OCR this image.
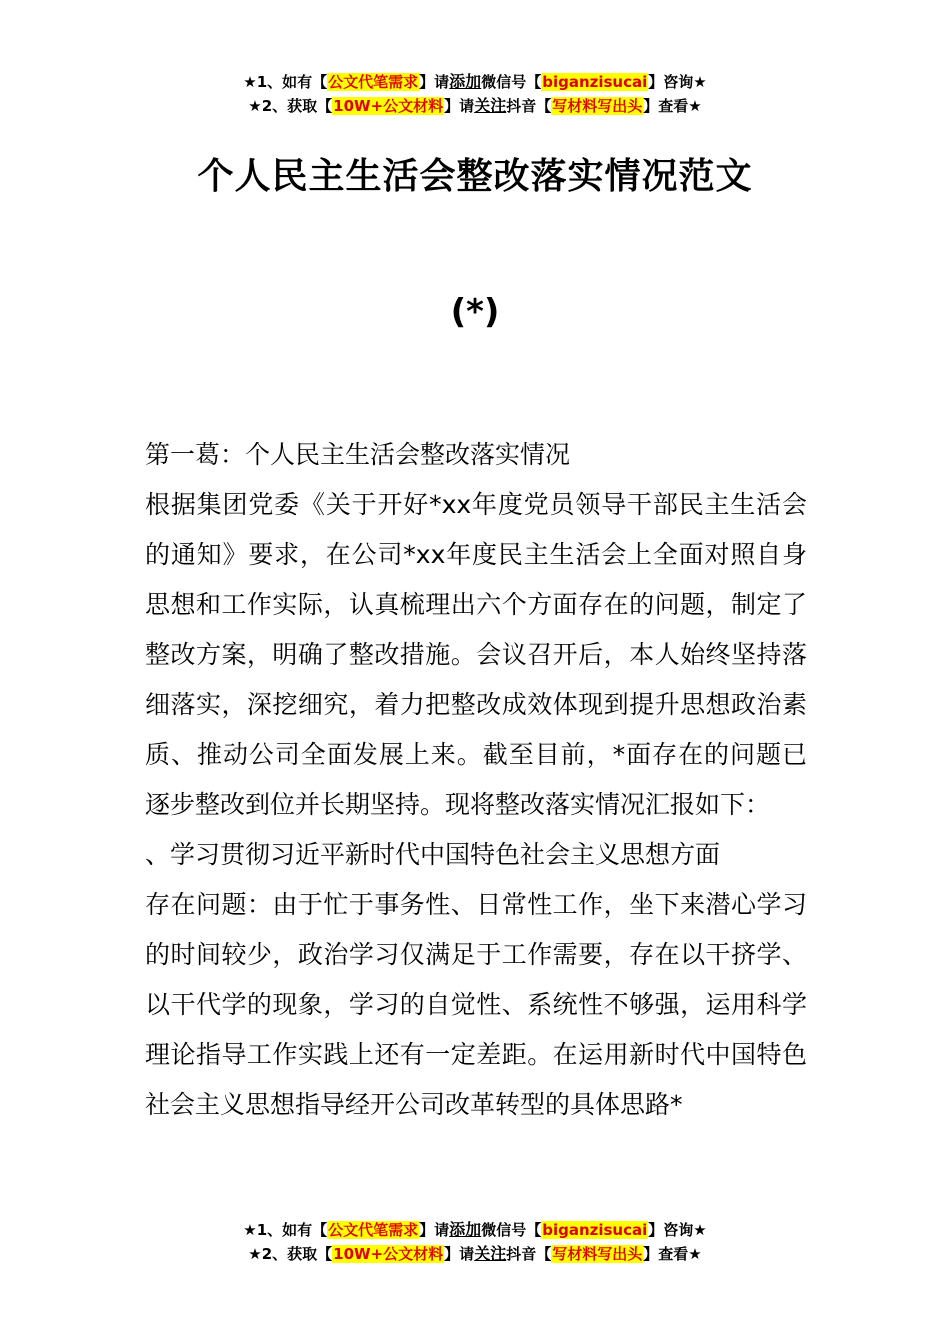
★1、如有【公文代笔需求】请添加微信号【biganzisucai】咨询★
★2、获取【10W+公文材料】请关注抖音【写材料写出头】查看★
个人民主生活会整改落实情况范文
(*)

第一葛：个人民主生活会整改落实情况

根据集团党委《关于开好*xx年度党员领导干部民主生活会的通知》要求，在公司*xx年度民主生活会上全面对照自身思想和工作实际，认真梳理出六个方面存在的问题，制定了整改方案，明确了整改措施。会议召开后，本人始终坚持落细落实，深挖细究，着力把整改成效体现到提升思想政治素质、推动公司全面发展上来。截至目前，*面存在的问题已逐步整改到位并长期坚持。现将整改落实情况汇报如下：

、学习贯彻习近平新时代中国特色社会主义思想方面

存在问题：由于忙于事务性、日常性工作，坐下来潜心学习的时间较少，政治学习仅满足于工作需要，存在以干挤学、以干代学的现象，学习的自觉性、系统性不够强，运用科学理论指导工作实践上还有一定差距。在运用新时代中国特色社会主义思想指导经开公司改革转型的具体思路*

★1、如有【公文代笔需求】请添加微信号【biganzisucai】咨询★
★2、获取【10W+公文材料】请关注抖音【写材料写出头】查看★
